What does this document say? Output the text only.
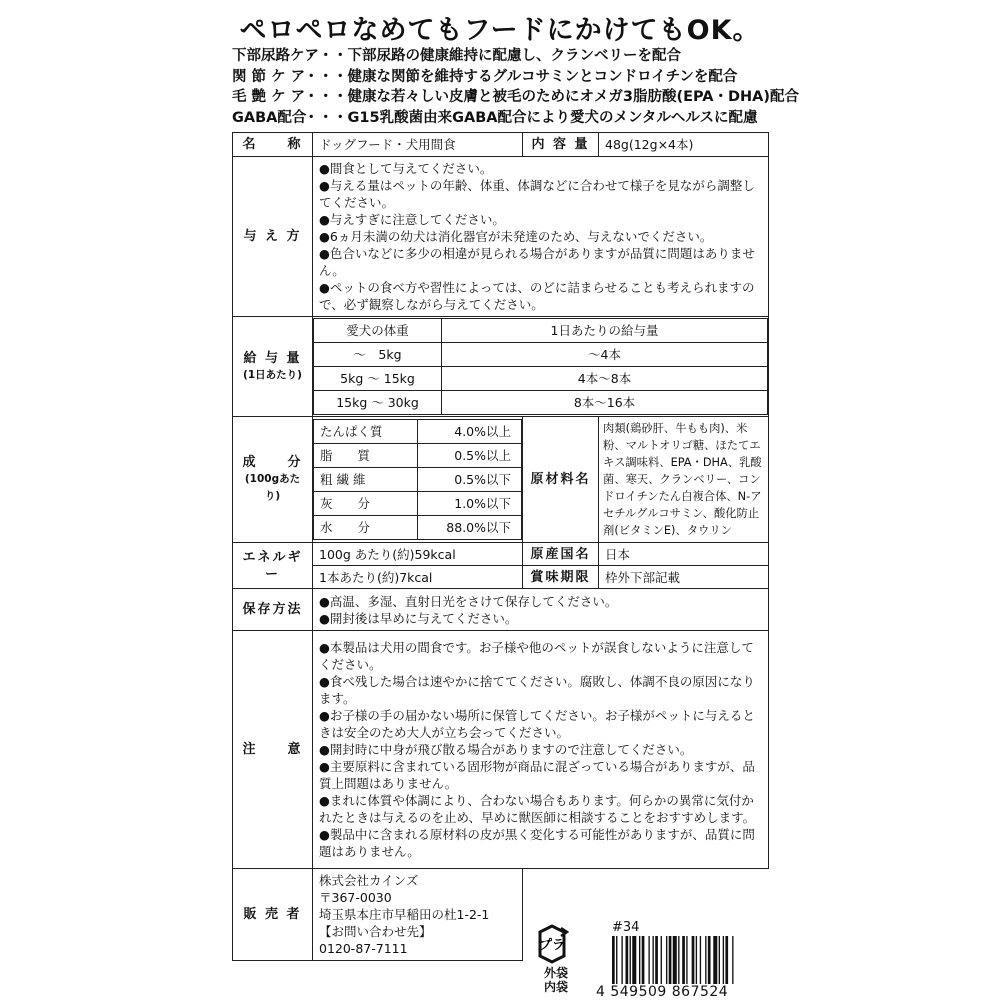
ペロペロなめてもフードにかけてもOK。
下部尿路ケア・・・下部尿路の健康維持に配慮し、クランベリーを配合
関 節 ケ ア・・・健康な関節を維持するグルコサミンとコンドロイチンを配合
毛 艶 ケ ア・・・健康な若々しい皮膚と被毛のためにオメガ3脂肪酸(EPA・DHA)配合
GABA配合・・・G15乳酸菌由来GABA配合により愛犬のメンタルヘルスに配慮
名　　称	ドッグフード・犬用間食	内 容 量	48g(12g×4本)
与 え 方	
●間食として与えてください。
●与える量はペットの年齢、体重、体調などに合わせて様子を見ながら調整してください。
●与えすぎに注意してください。
●6ヵ月未満の幼犬は消化器官が未発達のため、与えないでください。
●色合いなどに多少の相違が見られる場合がありますが品質に問題はありません。
●ペットの食べ方や習性によっては、のどに詰まらせることも考えられますので、必ず観察しながら与えてください。

給 与 量
(1日あたり)

愛犬の体重	1日あたりの給与量
〜　5kg	〜4本
5kg 〜 15kg	4本〜8本
15kg 〜 30kg	8本〜16本

成　　分
(100gあたり)

たんぱく質	4.0%以上
脂　　質	0.5%以上
粗 繊 維	0.5%以下
灰　　分	1.0%以下
水　　分	88.0%以下
	原材料名	肉類(鶏砂肝、牛もも肉)、米粉、マルトオリゴ糖、ほたてエキス調味料、EPA・DHA、乳酸菌、寒天、クランベリー、コンドロイチンたん白複合体、N-アセチルグルコサミン、酸化防止剤(ビタミンE)、タウリン
エネルギー	100g あたり(約)59kcal	原産国名	日本
1本あたり(約)7kcal	賞味期限	枠外下部記載
保存方法	
●高温、多湿、直射日光をさけて保存してください。
●開封後は早めに与えてください。

注　　意	
●本製品は犬用の間食です。お子様や他のペットが誤食しないように注意してください。
●食べ残した場合は速やかに捨ててください。腐敗し、体調不良の原因になります。
●お子様の手の届かない場所に保管してください。お子様がペットに与えるときは安全のため大人が立ち会ってください。
●開封時に中身が飛び散る場合がありますので注意してください。
●主要原料に含まれている固形物が商品に混ざっている場合がありますが、品質上問題はありません。
●まれに体質や体調により、合わない場合もあります。何らかの異常に気付かれたときは与えるのを止め、早めに獣医師に相談することをおすすめします。
●製品中に含まれる原材料の皮が黒く変化する可能性がありますが、品質に問題はありません。

販 売 者	
株式会社カインズ
〒367-0030
埼玉県本庄市早稲田の杜1-2-1
【お問い合わせ先】
0120-87-7111
		プラ
外袋
内袋
#34
4 549509 867524
